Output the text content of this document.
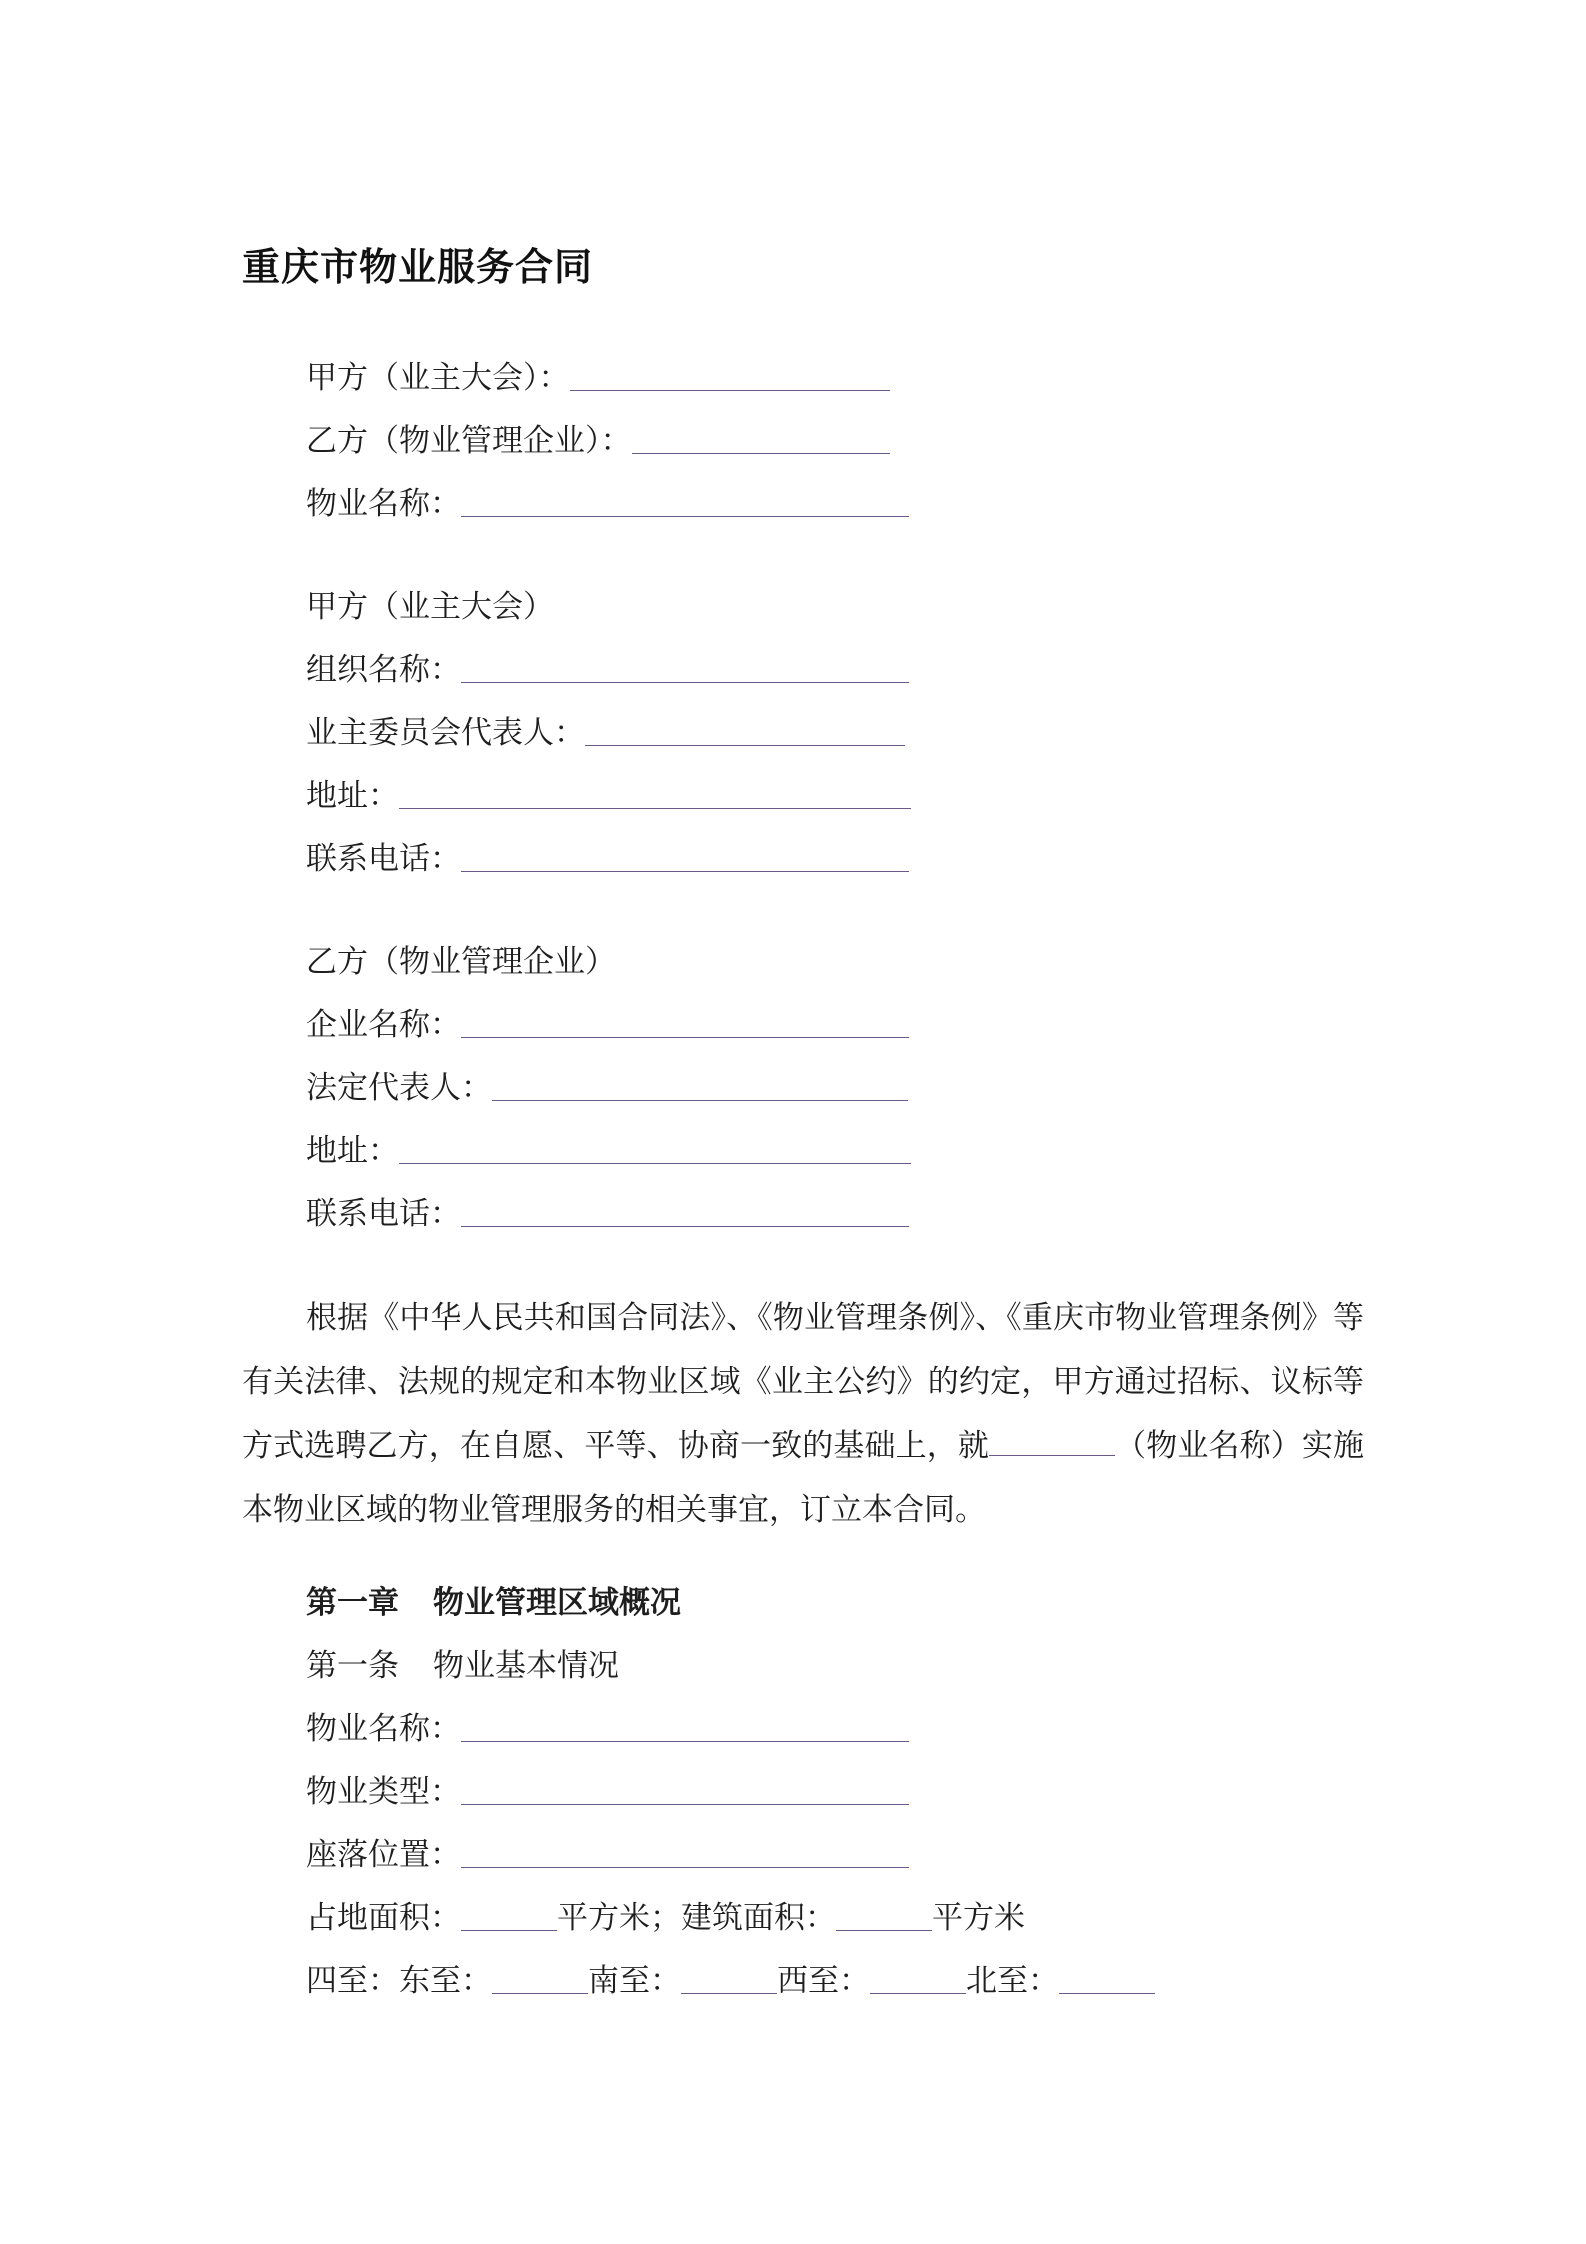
重庆市物业服务合同
甲方（业主大会）：
乙方（物业管理企业）：
物业名称：
甲方（业主大会）
组织名称：
业主委员会代表人：
地址：
联系电话：
乙方（物业管理企业）
企业名称：
法定代表人：
地址：
联系电话：
根据《中华人民共和国合同法》、《物业管理条例》、《重庆市物业管理条例》等有关法律、法规的规定和本物业区域《业主公约》的约定，甲方通过招标、议标等方式选聘乙方，在自愿、平等、协商一致的基础上，就	（物业名称）实施本物业区域的物业管理服务的相关事宜，订立本合同。
第一章 物业管理区域概况
第一条 物业基本情况
物业名称：
物业类型：
座落位置：
占地面积：	平方米； 建筑面积：	平方米
四至： 东至：	南至：	西至：	北至：
